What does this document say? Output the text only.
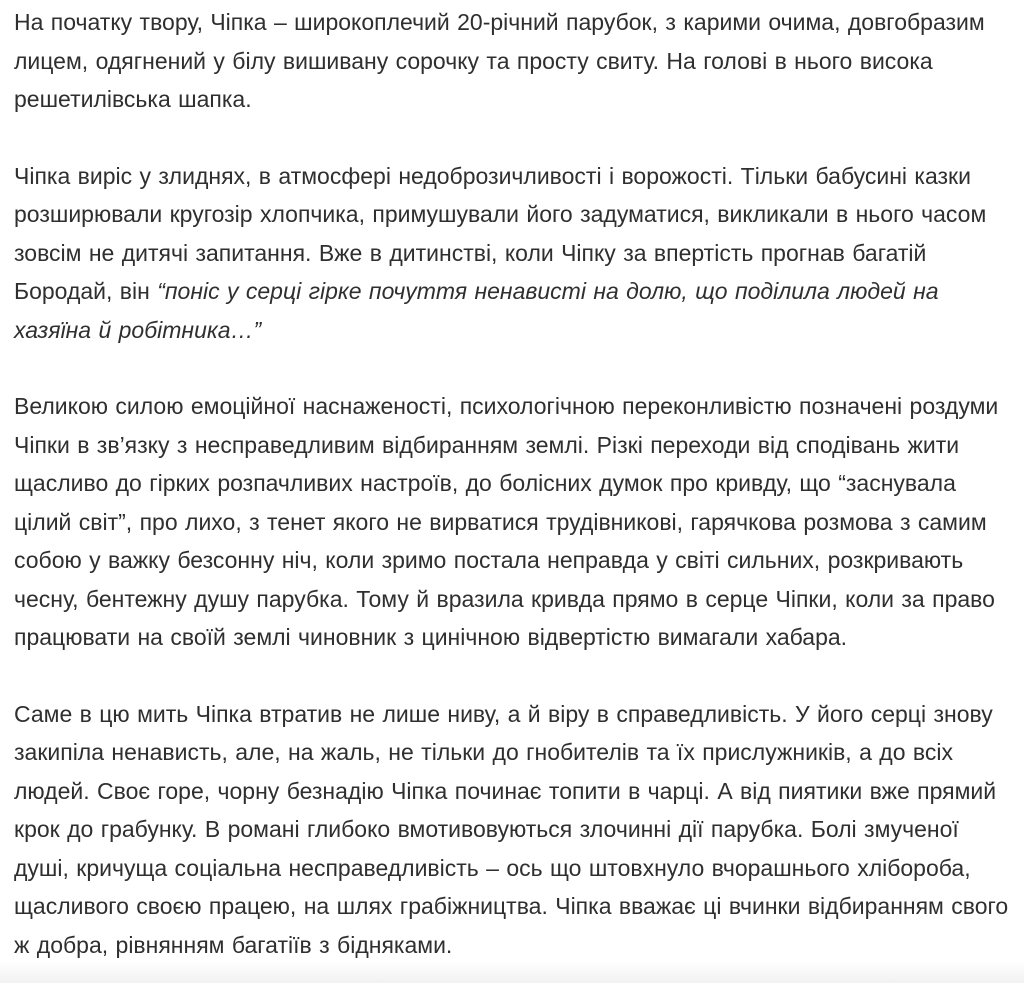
На початку твору, Чіпка – широкоплечий 20-річний парубок, з карими очима, довгобразим лицем, одягнений у білу вишивану сорочку та просту свиту. На голові в нього висока решетилівська шапка.

Чіпка виріс у злиднях, в атмосфері недоброзичливості і ворожості. Тільки бабусині казки розширювали кругозір хлопчика, примушували його задуматися, викликали в нього часом зовсім не дитячі запитання. Вже в дитинстві, коли Чіпку за впертість прогнав багатій Бородай, він “поніс у серці гірке почуття ненависті на долю, що поділила людей на хазяїна й робітника…”

Великою силою емоційної наснаженості, психологічною переконливістю позначені роздуми Чіпки в зв’язку з несправедливим відбиранням землі. Різкі переходи від сподівань жити щасливо до гірких розпачливих настроїв, до болісних думок про кривду, що “заснувала цілий світ”, про лихо, з тенет якого не вирватися трудівникові, гарячкова розмова з самим собою у важку безсонну ніч, коли зримо постала неправда у світі сильних, розкривають чесну, бентежну душу парубка. Тому й вразила кривда прямо в серце Чіпки, коли за право працювати на своїй землі чиновник з цинічною відвертістю вимагали хабара.

Саме в цю мить Чіпка втратив не лише ниву, а й віру в справедливість. У його серці знову закипіла ненависть, але, на жаль, не тільки до гнобителів та їх прислужників, а до всіх людей. Своє горе, чорну безнадію Чіпка починає топити в чарці. А від пиятики вже прямий крок до грабунку. В романі глибоко вмотивовуються злочинні дії парубка. Болі змученої душі, кричуща соціальна несправедливість – ось що штовхнуло вчорашнього хлібороба, щасливого своєю працею, на шлях грабіжництва. Чіпка вважає ці вчинки відбиранням свого ж добра, рівнянням багатіїв з бідняками.
